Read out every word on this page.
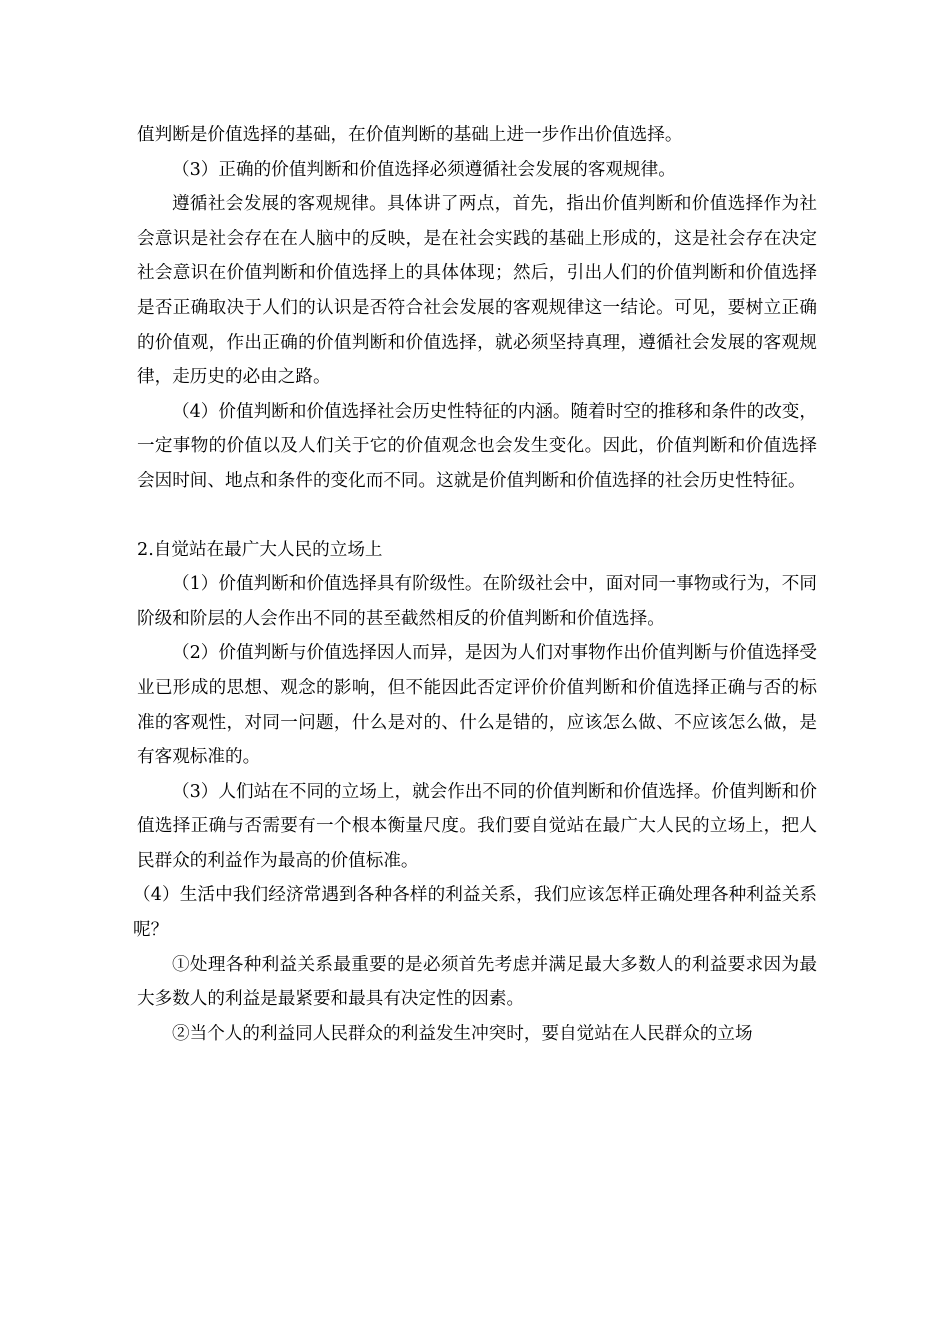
值判断是价值选择的基础，在价值判断的基础上进一步作出价值选择。

（3）正确的价值判断和价值选择必须遵循社会发展的客观规律。

遵循社会发展的客观规律。具体讲了两点，首先，指出价值判断和价值选择作为社会意识是社会存在在人脑中的反映，是在社会实践的基础上形成的，这是社会存在决定社会意识在价值判断和价值选择上的具体体现；然后，引出人们的价值判断和价值选择是否正确取决于人们的认识是否符合社会发展的客观规律这一结论。可见，要树立正确的价值观，作出正确的价值判断和价值选择，就必须坚持真理，遵循社会发展的客观规律，走历史的必由之路。

（4）价值判断和价值选择社会历史性特征的内涵。随着时空的推移和条件的改变，一定事物的价值以及人们关于它的价值观念也会发生变化。因此，价值判断和价值选择会因时间、地点和条件的变化而不同。这就是价值判断和价值选择的社会历史性特征。

2.自觉站在最广大人民的立场上

（1）价值判断和价值选择具有阶级性。在阶级社会中，面对同一事物或行为，不同阶级和阶层的人会作出不同的甚至截然相反的价值判断和价值选择。

（2）价值判断与价值选择因人而异，是因为人们对事物作出价值判断与价值选择受业已形成的思想、观念的影响，但不能因此否定评价价值判断和价值选择正确与否的标准的客观性，对同一问题，什么是对的、什么是错的，应该怎么做、不应该怎么做，是有客观标准的。

（3）人们站在不同的立场上，就会作出不同的价值判断和价值选择。价值判断和价值选择正确与否需要有一个根本衡量尺度。我们要自觉站在最广大人民的立场上，把人民群众的利益作为最高的价值标准。

（4）生活中我们经济常遇到各种各样的利益关系，我们应该怎样正确处理各种利益关系呢？

①处理各种利益关系最重要的是必须首先考虑并满足最大多数人的利益要求因为最大多数人的利益是最紧要和最具有决定性的因素。

②当个人的利益同人民群众的利益发生冲突时，要自觉站在人民群众的立场
